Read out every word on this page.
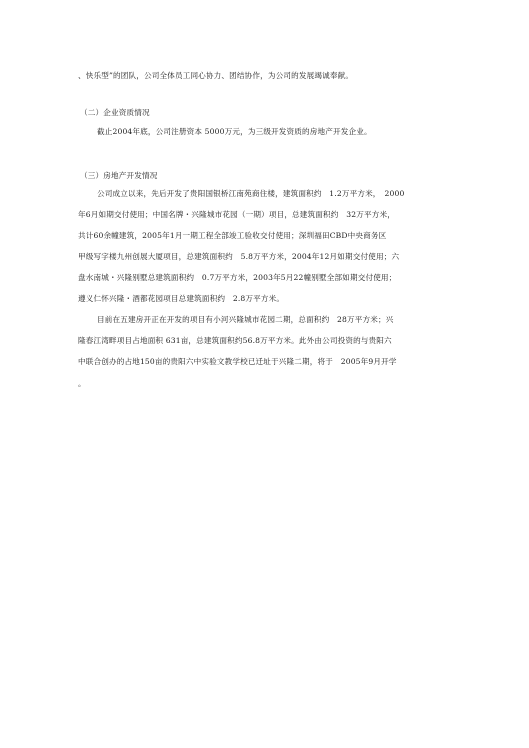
、快乐型”的团队，公司全体员工同心协力、团结协作，为公司的发展竭诚奉献。
（二）企业资质情况
截止2004年底，公司注册资本 5000万元，为三级开发资质的房地产开发企业。
（三）房地产开发情况
公司成立以来，先后开发了贵阳国银桥江南苑商住楼，建筑面积约　1.2万平方米，　2000
年6月如期交付使用；中国名牌・兴隆城市花园（一期）项目，总建筑面积约　32万平方米，
共计60余幢建筑，2005年1月一期工程全部竣工验收交付使用；深圳福田CBD中央商务区
甲级写字楼九州创展大厦项目，总建筑面积约　5.8万平方米，2004年12月如期交付使用；六
盘水南城・兴隆别墅总建筑面积约　0.7万平方米，2003年5月22幢别墅全部如期交付使用；
遵义仁怀兴隆・酒都花园项目总建筑面积约　2.8万平方米。
目前在五建房开正在开发的项目有小河兴隆城市花园二期，总面积约　28万平方米；兴
隆春江湾畔项目占地面积 631亩，总建筑面积约56.8万平方米。此外由公司投资的与贵阳六
中联合创办的占地150亩的贵阳六中实验文教学校已迁址于兴隆二期，将于　2005年9月开学
。
